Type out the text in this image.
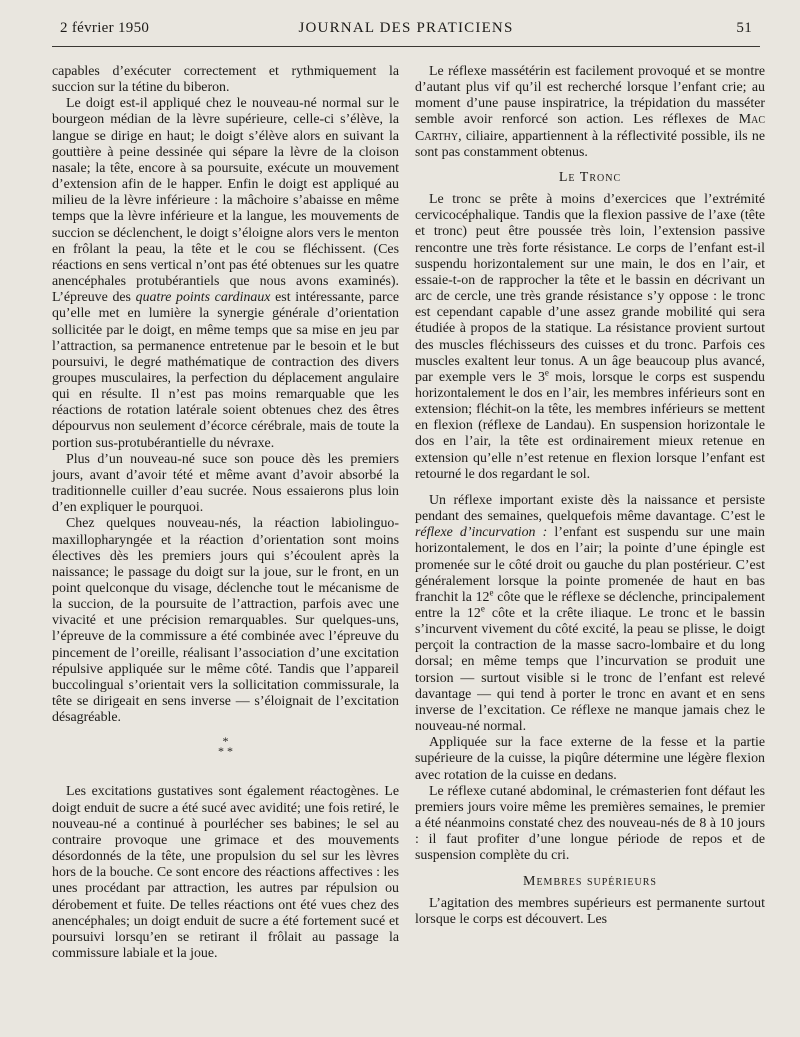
2 février 1950	JOURNAL DES PRATICIENS	51

capables d’exécuter correctement et rythmiquement la succion sur la tétine du biberon.

Le doigt est-il appliqué chez le nouveau-né normal sur le bourgeon médian de la lèvre supérieure, celle-ci s’élève, la langue se dirige en haut; le doigt s’élève alors en suivant la gouttière à peine dessinée qui sépare la lèvre de la cloison nasale; la tête, encore à sa poursuite, exécute un mouvement d’extension afin de le happer. Enfin le doigt est appliqué au milieu de la lèvre inférieure : la mâchoire s’abaisse en même temps que la lèvre inférieure et la langue, les mouvements de succion se déclenchent, le doigt s’éloigne alors vers le menton en frôlant la peau, la tête et le cou se fléchissent. (Ces réactions en sens vertical n’ont pas été obtenues sur les quatre anencéphales protubérantiels que nous avons examinés). L’épreuve des quatre points cardinaux est intéressante, parce qu’elle met en lumière la synergie générale d’orientation sollicitée par le doigt, en même temps que sa mise en jeu par l’attraction, sa permanence entretenue par le besoin et le but poursuivi, le degré mathématique de contraction des divers groupes musculaires, la perfection du déplacement angulaire qui en résulte. Il n’est pas moins remarquable que les réactions de rotation latérale soient obtenues chez des êtres dépourvus non seulement d’écorce cérébrale, mais de toute la portion sus-protubérantielle du névraxe.

Plus d’un nouveau-né suce son pouce dès les premiers jours, avant d’avoir tété et même avant d’avoir absorbé la traditionnelle cuiller d’eau sucrée. Nous essaierons plus loin d’en expliquer le pourquoi.

Chez quelques nouveau-nés, la réaction labiolinguo-maxillopharyngée et la réaction d’orientation sont moins électives dès les premiers jours qui s’écoulent après la naissance; le passage du doigt sur la joue, sur le front, en un point quelconque du visage, déclenche tout le mécanisme de la succion, de la poursuite de l’attraction, parfois avec une vivacité et une précision remarquables. Sur quelques-uns, l’épreuve de la commissure a été combinée avec l’épreuve du pincement de l’oreille, réalisant l’association d’une excitation répulsive appliquée sur le même côté. Tandis que l’appareil buccolingual s’orientait vers la sollicitation commissurale, la tête se dirigeait en sens inverse — s’éloignait de l’excitation désagréable.

*
* *

Les excitations gustatives sont également réactogènes. Le doigt enduit de sucre a été sucé avec avidité; une fois retiré, le nouveau-né a continué à pourlécher ses babines; le sel au contraire provoque une grimace et des mouvements désordonnés de la tête, une propulsion du sel sur les lèvres hors de la bouche. Ce sont encore des réactions affectives : les unes procédant par attraction, les autres par répulsion ou dérobement et fuite. De telles réactions ont été vues chez des anencéphales; un doigt enduit de sucre a été fortement sucé et poursuivi lorsqu’en se retirant il frôlait au passage la commissure labiale et la joue.

Le réflexe massétérin est facilement provoqué et se montre d’autant plus vif qu’il est recherché lorsque l’enfant crie; au moment d’une pause inspiratrice, la trépidation du masséter semble avoir renforcé son action. Les réflexes de Mac Carthy, ciliaire, appartiennent à la réflectivité possible, ils ne sont pas constamment obtenus.

Le Tronc

Le tronc se prête à moins d’exercices que l’extrémité cervicocéphalique. Tandis que la flexion passive de l’axe (tête et tronc) peut être poussée très loin, l’extension passive rencontre une très forte résistance. Le corps de l’enfant est-il suspendu horizontalement sur une main, le dos en l’air, et essaie-t-on de rapprocher la tête et le bassin en décrivant un arc de cercle, une très grande résistance s’y oppose : le tronc est cependant capable d’une assez grande mobilité qui sera étudiée à propos de la statique. La résistance provient surtout des muscles fléchisseurs des cuisses et du tronc. Parfois ces muscles exaltent leur tonus. A un âge beaucoup plus avancé, par exemple vers le 3e mois, lorsque le corps est suspendu horizontalement le dos en l’air, les membres inférieurs sont en extension; fléchit-on la tête, les membres inférieurs se mettent en flexion (réflexe de Landau). En suspension horizontale le dos en l’air, la tête est ordinairement mieux retenue en extension qu’elle n’est retenue en flexion lorsque l’enfant est retourné le dos regardant le sol.

Un réflexe important existe dès la naissance et persiste pendant des semaines, quelquefois même davantage. C’est le réflexe d’incurvation : l’enfant est suspendu sur une main horizontalement, le dos en l’air; la pointe d’une épingle est promenée sur le côté droit ou gauche du plan postérieur. C’est généralement lorsque la pointe promenée de haut en bas franchit la 12e côte que le réflexe se déclenche, principalement entre la 12e côte et la crête iliaque. Le tronc et le bassin s’incurvent vivement du côté excité, la peau se plisse, le doigt perçoit la contraction de la masse sacro-lombaire et du long dorsal; en même temps que l’incurvation se produit une torsion — surtout visible si le tronc de l’enfant est relevé davantage — qui tend à porter le tronc en avant et en sens inverse de l’excitation. Ce réflexe ne manque jamais chez le nouveau-né normal.

Appliquée sur la face externe de la fesse et la partie supérieure de la cuisse, la piqûre détermine une légère flexion avec rotation de la cuisse en dedans.

Le réflexe cutané abdominal, le crémasterien font défaut les premiers jours voire même les premières semaines, le premier a été néanmoins constaté chez des nouveau-nés de 8 à 10 jours : il faut profiter d’une longue période de repos et de suspension complète du cri.

Membres supérieurs

L’agitation des membres supérieurs est permanente surtout lorsque le corps est découvert. Les
